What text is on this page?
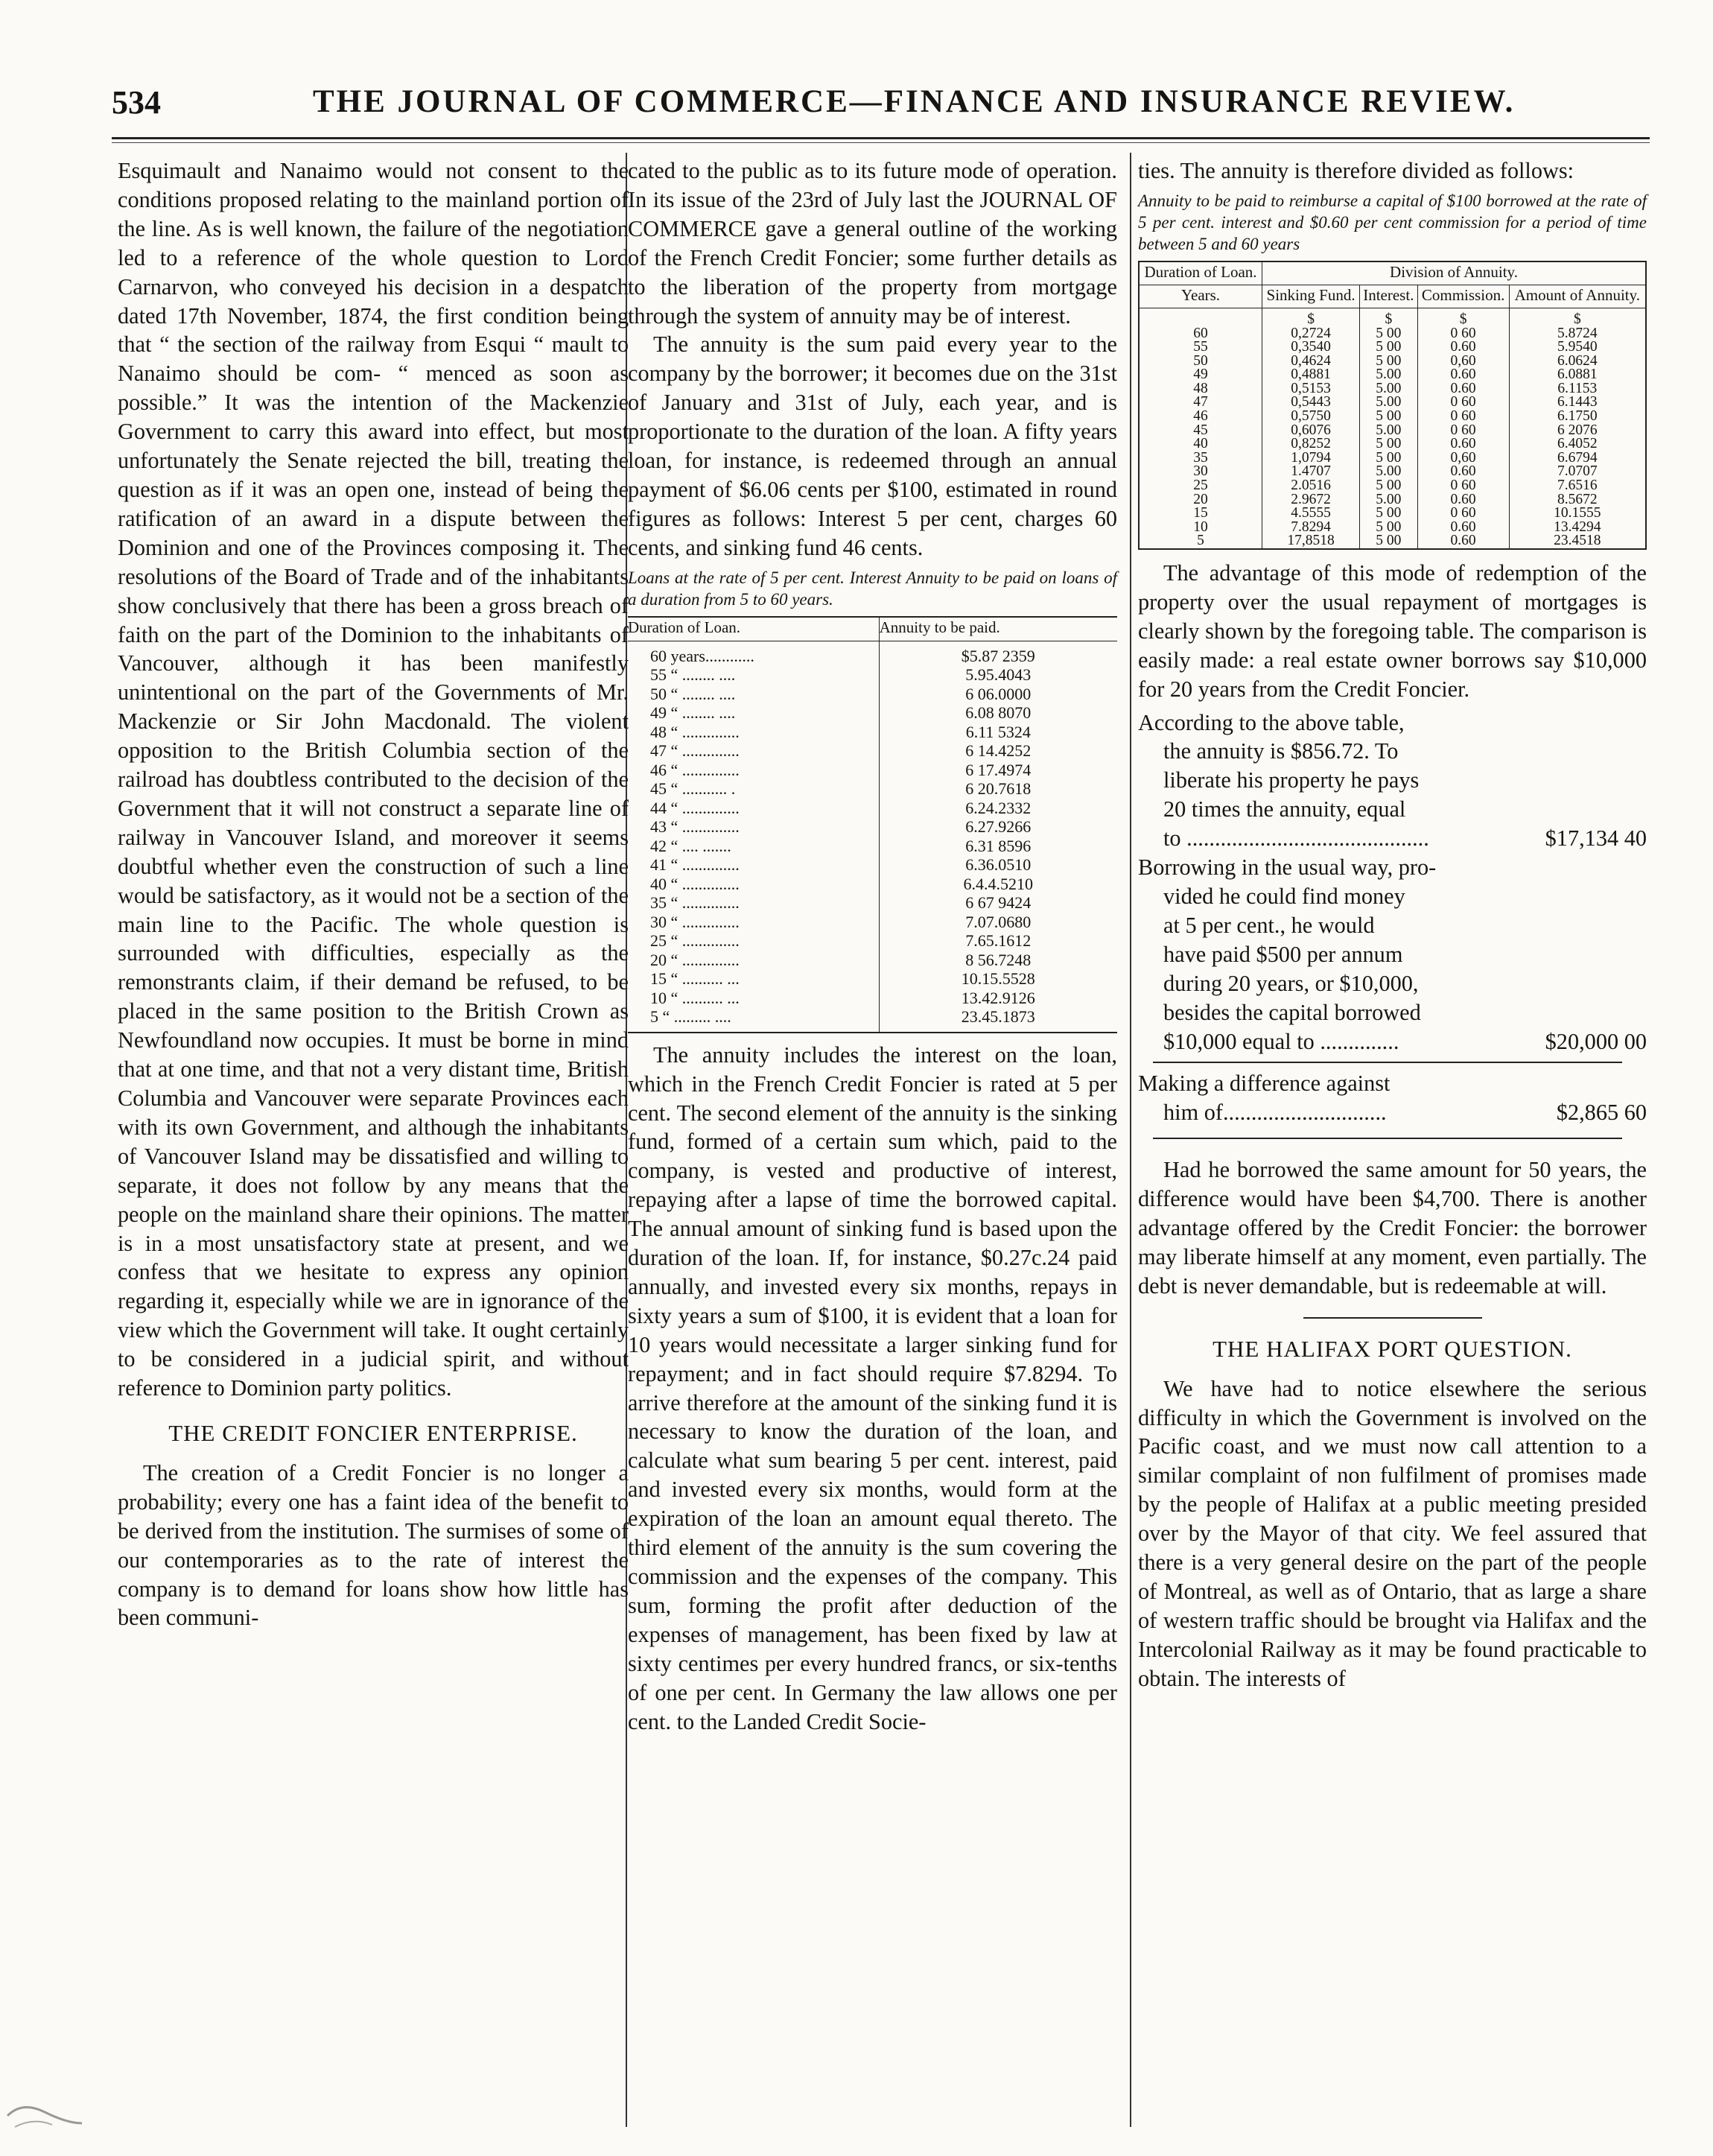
534	THE JOURNAL OF COMMERCE—FINANCE AND INSURANCE REVIEW.

Esquimault and Nanaimo would not consent to the conditions proposed relating to the mainland portion of the line. As is well known, the failure of the negotiation led to a reference of the whole question to Lord Carnarvon, who conveyed his decision in a despatch dated 17th November, 1874, the first condition being that “ the section of the railway from Esqui “ mault to Nanaimo should be com- “ menced as soon as possible.” It was the intention of the Mackenzie Government to carry this award into effect, but most unfortunately the Senate rejected the bill, treating the question as if it was an open one, instead of being the ratification of an award in a dispute between the Dominion and one of the Provinces composing it. The resolutions of the Board of Trade and of the inhabitants show conclusively that there has been a gross breach of faith on the part of the Dominion to the inhabitants of Vancouver, although it has been manifestly unintentional on the part of the Governments of Mr. Mackenzie or Sir John Macdonald. The violent opposition to the British Columbia section of the railroad has doubtless contributed to the decision of the Government that it will not construct a separate line of railway in Vancouver Island, and moreover it seems doubtful whether even the construction of such a line would be satisfactory, as it would not be a section of the main line to the Pacific. The whole question is surrounded with difficulties, especially as the remonstrants claim, if their demand be refused, to be placed in the same position to the British Crown as Newfoundland now occupies. It must be borne in mind that at one time, and that not a very distant time, British Columbia and Vancouver were separate Provinces each with its own Government, and although the inhabitants of Vancouver Island may be dissatisfied and willing to separate, it does not follow by any means that the people on the mainland share their opinions. The matter is in a most unsatisfactory state at present, and we confess that we hesitate to express any opinion regarding it, especially while we are in ignorance of the view which the Government will take. It ought certainly to be considered in a judicial spirit, and without reference to Dominion party politics.

THE CREDIT FONCIER ENTERPRISE.

The creation of a Credit Foncier is no longer a probability; every one has a faint idea of the benefit to be derived from the institution. The surmises of some of our contemporaries as to the rate of interest the company is to demand for loans show how little has been communi-

cated to the public as to its future mode of operation. In its issue of the 23rd of July last the JOURNAL OF COMMERCE gave a general outline of the working of the French Credit Foncier; some further details as to the liberation of the property from mortgage through the system of annuity may be of interest.

The annuity is the sum paid every year to the company by the borrower; it becomes due on the 31st of January and 31st of July, each year, and is proportionate to the duration of the loan. A fifty years loan, for instance, is redeemed through an annual payment of $6.06 cents per $100, estimated in round figures as follows: Interest 5 per cent, charges 60 cents, and sinking fund 46 cents.

Loans at the rate of 5 per cent. Interest Annuity to be paid on loans of a duration from 5 to 60 years.
Duration of Loan.	Annuity to be paid.
60 years............	$5.87 2359
55 “ ........ ....	5.95.4043
50 “ ........ ....	6 06.0000
49 “ ........ ....	6.08 8070
48 “ ..............	6.11 5324
47 “ ..............	6 14.4252
46 “ ..............	6 17.4974
45 “ ........... .	6 20.7618
44 “ ..............	6.24.2332
43 “ ..............	6.27.9266
42 “ .... .......	6.31 8596
41 “ ..............	6.36.0510
40 “ ..............	6.4.4.5210
35 “ ..............	6 67 9424
30 “ ..............	7.07.0680
25 “ ..............	7.65.1612
20 “ ..............	8 56.7248
15 “ .......... ...	10.15.5528
10 “ .......... ...	13.42.9126
5 “ ......... ....	23.45.1873

The annuity includes the interest on the loan, which in the French Credit Foncier is rated at 5 per cent. The second element of the annuity is the sinking fund, formed of a certain sum which, paid to the company, is vested and productive of interest, repaying after a lapse of time the borrowed capital. The annual amount of sinking fund is based upon the duration of the loan. If, for instance, $0.27c.24 paid annually, and invested every six months, repays in sixty years a sum of $100, it is evident that a loan for 10 years would necessitate a larger sinking fund for repayment; and in fact should require $7.8294. To arrive therefore at the amount of the sinking fund it is necessary to know the duration of the loan, and calculate what sum bearing 5 per cent. interest, paid and invested every six months, would form at the expiration of the loan an amount equal thereto. The third element of the annuity is the sum covering the commission and the expenses of the company. This sum, forming the profit after deduction of the expenses of management, has been fixed by law at sixty centimes per every hundred francs, or six-tenths of one per cent. In Germany the law allows one per cent. to the Landed Credit Socie-

ties. The annuity is therefore divided as follows:

Annuity to be paid to reimburse a capital of $100 borrowed at the rate of 5 per cent. interest and $0.60 per cent commission for a period of time between 5 and 60 years
Duration of Loan.	Division of Annuity.			
Years.	Sinking Fund.	Interest.	Commission.	Amount of Annuity.
	$	$	$	$
60	0,2724	5 00	0 60	5.8724
55	0,3540	5 00	0.60	5.9540
50	0,4624	5 00	0,60	6.0624
49	0,4881	5.00	0.60	6.0881
48	0,5153	5.00	0.60	6.1153
47	0,5443	5.00	0 60	6.1443
46	0,5750	5 00	0 60	6.1750
45	0,6076	5.00	0 60	6 2076
40	0,8252	5 00	0.60	6.4052
35	1,0794	5 00	0,60	6.6794
30	1.4707	5.00	0.60	7.0707
25	2.0516	5 00	0 60	7.6516
20	2.9672	5.00	0.60	8.5672
15	4.5555	5 00	0 60	10.1555
10	7.8294	5 00	0.60	13.4294
5	17,8518	5 00	0.60	23.4518

The advantage of this mode of redemption of the property over the usual repayment of mortgages is clearly shown by the foregoing table. The comparison is easily made: a real estate owner borrows say $10,000 for 20 years from the Credit Foncier.

According to the above table,
the annuity is $856.72. To
liberate his property he pays
20 times the annuity, equal
to ...........................................	$17,134 40
Borrowing in the usual way, pro-
vided he could find money
at 5 per cent., he would
have paid $500 per annum
during 20 years, or $10,000,
besides the capital borrowed
$10,000 equal to ..............	$20,000 00
Making a difference against
him of.............................	$2,865 60

Had he borrowed the same amount for 50 years, the difference would have been $4,700. There is another advantage offered by the Credit Foncier: the borrower may liberate himself at any moment, even partially. The debt is never demandable, but is redeemable at will.

THE HALIFAX PORT QUESTION.

We have had to notice elsewhere the serious difficulty in which the Government is involved on the Pacific coast, and we must now call attention to a similar complaint of non fulfilment of promises made by the people of Halifax at a public meeting presided over by the Mayor of that city. We feel assured that there is a very general desire on the part of the people of Montreal, as well as of Ontario, that as large a share of western traffic should be brought via Halifax and the Intercolonial Railway as it may be found practicable to obtain. The interests of
